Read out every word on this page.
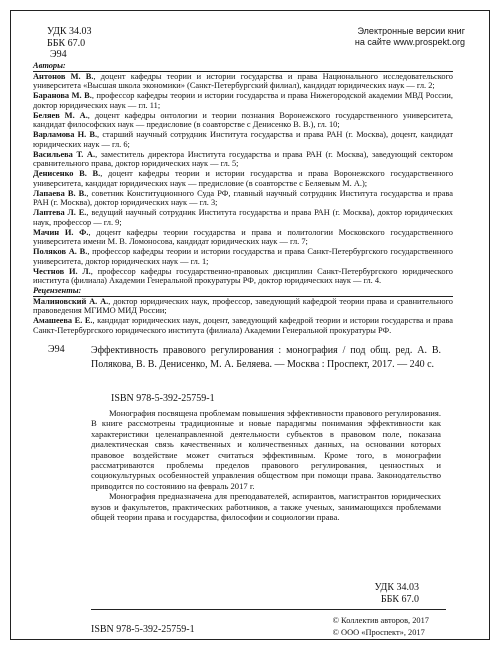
УДК 34.03
ББК 67.0
Э94
Электронные версии книг
на сайте www.prospekt.org
Авторы:

Антонов М. В., доцент кафедры теории и истории государства и права Национального исследовательского университета «Высшая школа экономики» (Санкт-Петербургский филиал), кандидат юридических наук — гл. 2;

Баранова М. В., профессор кафедры теории и истории государства и права Нижегородской академии МВД России, доктор юридических наук — гл. 11;

Беляев М. А., доцент кафедры онтологии и теории познания Воронежского государственного университета, кандидат философских наук — предисловие (в соавторстве с Денисенко В. В.), гл. 10;

Варламова Н. В., старший научный сотрудник Института государства и права РАН (г. Москва), доцент, кандидат юридических наук — гл. 6;

Васильева Т. А., заместитель директора Института государства и права РАН (г. Москва), заведующий сектором сравнительного права, доктор юридических наук — гл. 5;

Денисенко В. В., доцент кафедры теории и истории государства и права Воронежского государственного университета, кандидат юридических наук — предисловие (в соавторстве с Беляевым М. А.);

Лапаева В. В., советник Конституционного Суда РФ, главный научный сотрудник Института государства и права РАН (г. Москва), доктор юридических наук — гл. 3;

Лаптева Л. Е., ведущий научный сотрудник Института государства и права РАН (г. Москва), доктор юридических наук, профессор — гл. 9;

Мачин И. Ф., доцент кафедры теории государства и права и политологии Московского государственного университета имени М. В. Ломоносова, кандидат юридических наук — гл. 7;

Поляков А. В., профессор кафедры теории и истории государства и права Санкт-Петербургского государственного университета, доктор юридических наук — гл. 1;

Честнов И. Л., профессор кафедры государственно-правовых дисциплин Санкт-Петербургского юридического института (филиала) Академии Генеральной прокуратуры РФ, доктор юридических наук — гл. 4.

Рецензенты:

Малиновский А. А., доктор юридических наук, профессор, заведующий кафедрой теории права и сравнительного правоведения МГИМО МИД России;

Амашеева Е. Е., кандидат юридических наук, доцент, заведующий кафедрой теории и истории государства и права Санкт-Петербургского юридического института (филиала) Академии Генеральной прокуратуры РФ.

Э94	Эффективность правового регулирования : монография / под общ. ред. А. В. Полякова, В. В. Денисенко, М. А. Беляева. — Москва : Проспект, 2017. — 240 с.
ISBN 978-5-392-25759-1

Монография посвящена проблемам повышения эффективности правового регулирования. В книге рассмотрены традиционные и новые парадигмы понимания эффективности как характеристики целенаправленной деятельности субъектов в правовом поле, показана диалектическая связь качественных и количественных данных, на основании которых правовое воздействие может считаться эффективным. Кроме того, в монографии рассматриваются проблемы пределов правового регулирования, ценностных и социокультурных особенностей управления обществом при помощи права. Законодательство приводится по состоянию на февраль 2017 г.

Монография предназначена для преподавателей, аспирантов, магистрантов юридических вузов и факультетов, практических работников, а также ученых, занимающихся проблемами общей теории права и государства, философии и социологии права.

УДК 34.03
ББК 67.0
ISBN 978-5-392-25759-1
© Коллектив авторов, 2017
© ООО «Проспект», 2017
